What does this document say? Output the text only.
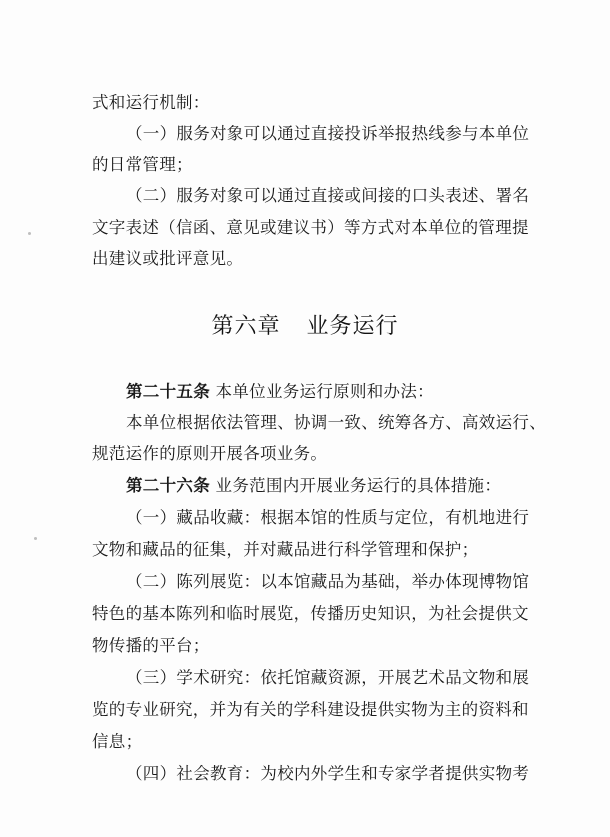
式和运行机制：
（一）服务对象可以通过直接投诉举报热线参与本单位
的日常管理；
（二）服务对象可以通过直接或间接的口头表述、署名
文字表述（信函、意见或建议书）等方式对本单位的管理提
出建议或批评意见。
第六章 业务运行
第二十五条 本单位业务运行原则和办法：
本单位根据依法管理、协调一致、统筹各方、高效运行、
规范运作的原则开展各项业务。
第二十六条 业务范围内开展业务运行的具体措施：
（一）藏品收藏：根据本馆的性质与定位，有机地进行
文物和藏品的征集，并对藏品进行科学管理和保护；
（二）陈列展览：以本馆藏品为基础，举办体现博物馆
特色的基本陈列和临时展览，传播历史知识，为社会提供文
物传播的平台；
（三）学术研究：依托馆藏资源，开展艺术品文物和展
览的专业研究，并为有关的学科建设提供实物为主的资料和
信息；
（四）社会教育：为校内外学生和专家学者提供实物考
